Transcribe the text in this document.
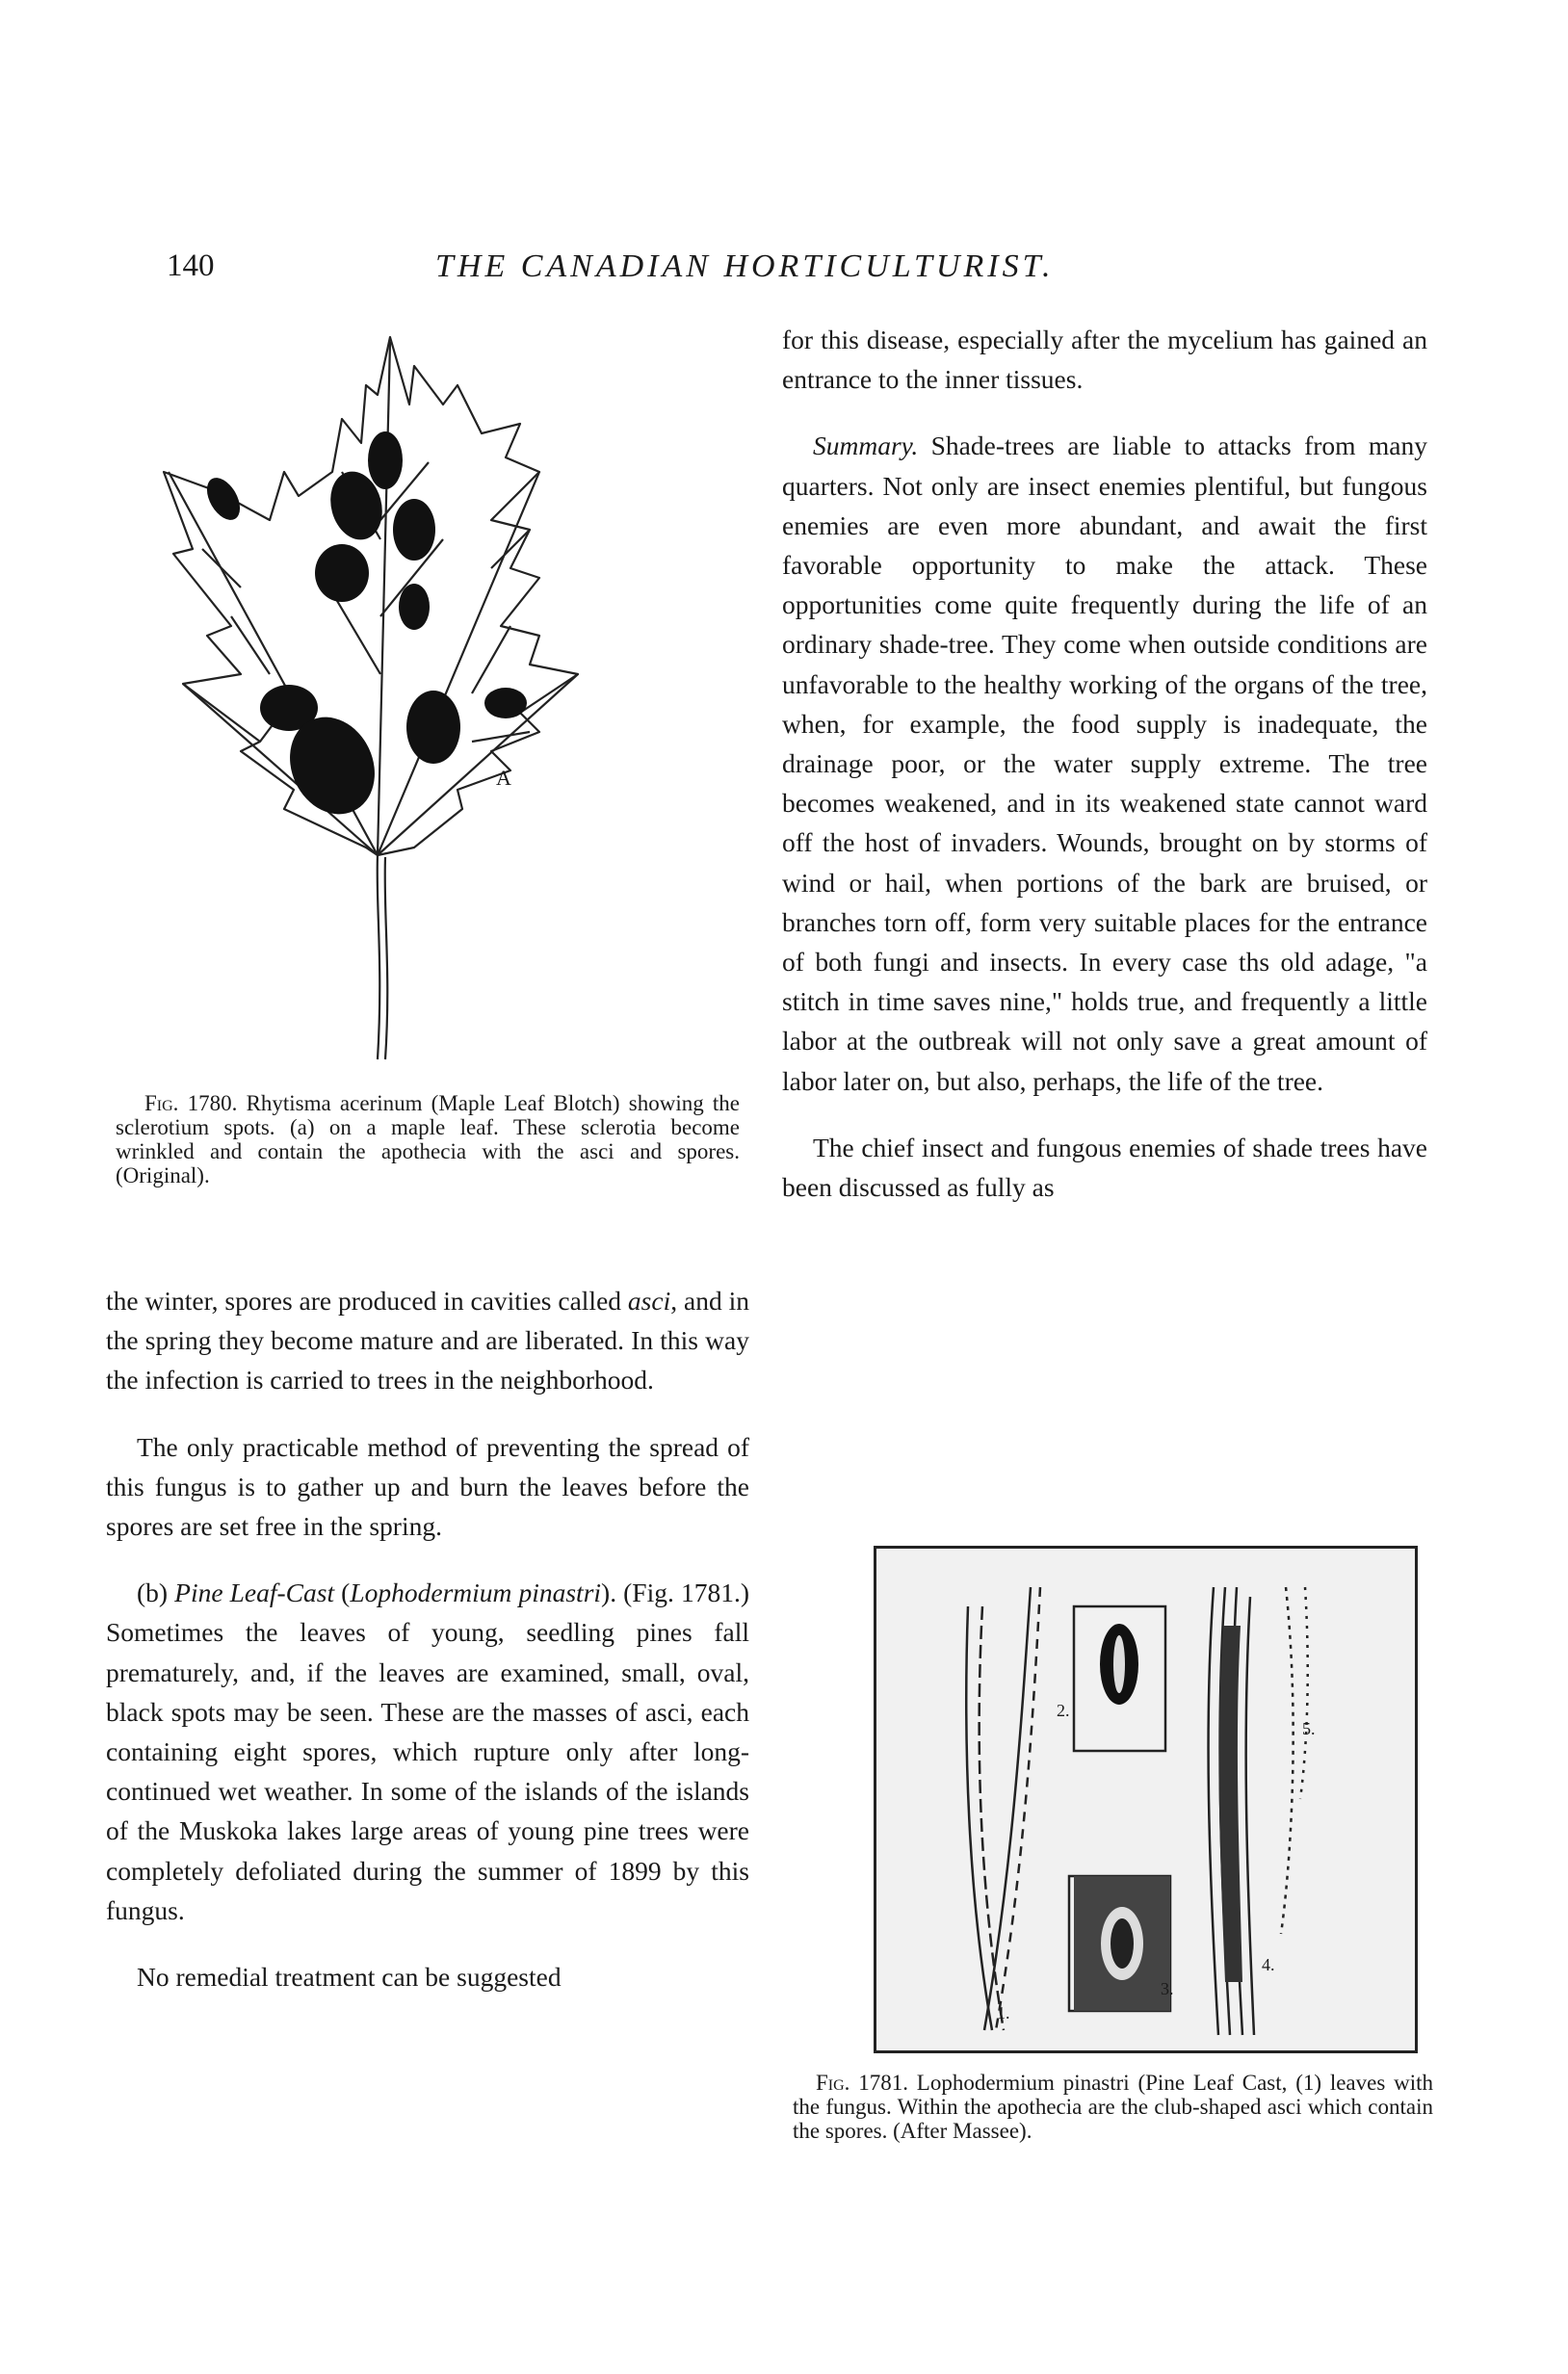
140	THE CANADIAN HORTICULTURIST.
A
Fig. 1780. Rhytisma acerinum (Maple Leaf Blotch) showing the sclerotium spots. (a) on a maple leaf. These sclerotia become wrinkled and contain the apothecia with the asci and spores. (Original).

the winter, spores are produced in cavities called asci, and in the spring they become mature and are liberated. In this way the infection is carried to trees in the neighborhood.

The only practicable method of preventing the spread of this fungus is to gather up and burn the leaves before the spores are set free in the spring.

(b) Pine Leaf-Cast (Lophodermium pinastri). (Fig. 1781.) Sometimes the leaves of young, seedling pines fall prematurely, and, if the leaves are examined, small, oval, black spots may be seen. These are the masses of asci, each containing eight spores, which rupture only after long-continued wet weather. In some of the islands of the islands of the Muskoka lakes large areas of young pine trees were completely defoliated during the summer of 1899 by this fungus.

No remedial treatment can be suggested

for this disease, especially after the mycelium has gained an entrance to the inner tissues.

Summary. Shade-trees are liable to attacks from many quarters. Not only are insect enemies plentiful, but fungous enemies are even more abundant, and await the first favorable opportunity to make the attack. These opportunities come quite frequently during the life of an ordinary shade-tree. They come when outside conditions are unfavorable to the healthy working of the organs of the tree, when, for example, the food supply is inadequate, the drainage poor, or the water supply extreme. The tree becomes weakened, and in its weakened state cannot ward off the host of invaders. Wounds, brought on by storms of wind or hail, when portions of the bark are bruised, or branches torn off, form very suitable places for the entrance of both fungi and insects. In every case ths old adage, "a stitch in time saves nine," holds true, and frequently a little labor at the outbreak will not only save a great amount of labor later on, but also, perhaps, the life of the tree.

The chief insect and fungous enemies of shade trees have been discussed as fully as

1.
2.
3.
4.
5.
Fig. 1781. Lophodermium pinastri (Pine Leaf Cast, (1) leaves with the fungus. Within the apothecia are the club-shaped asci which contain the spores. (After Massee).
